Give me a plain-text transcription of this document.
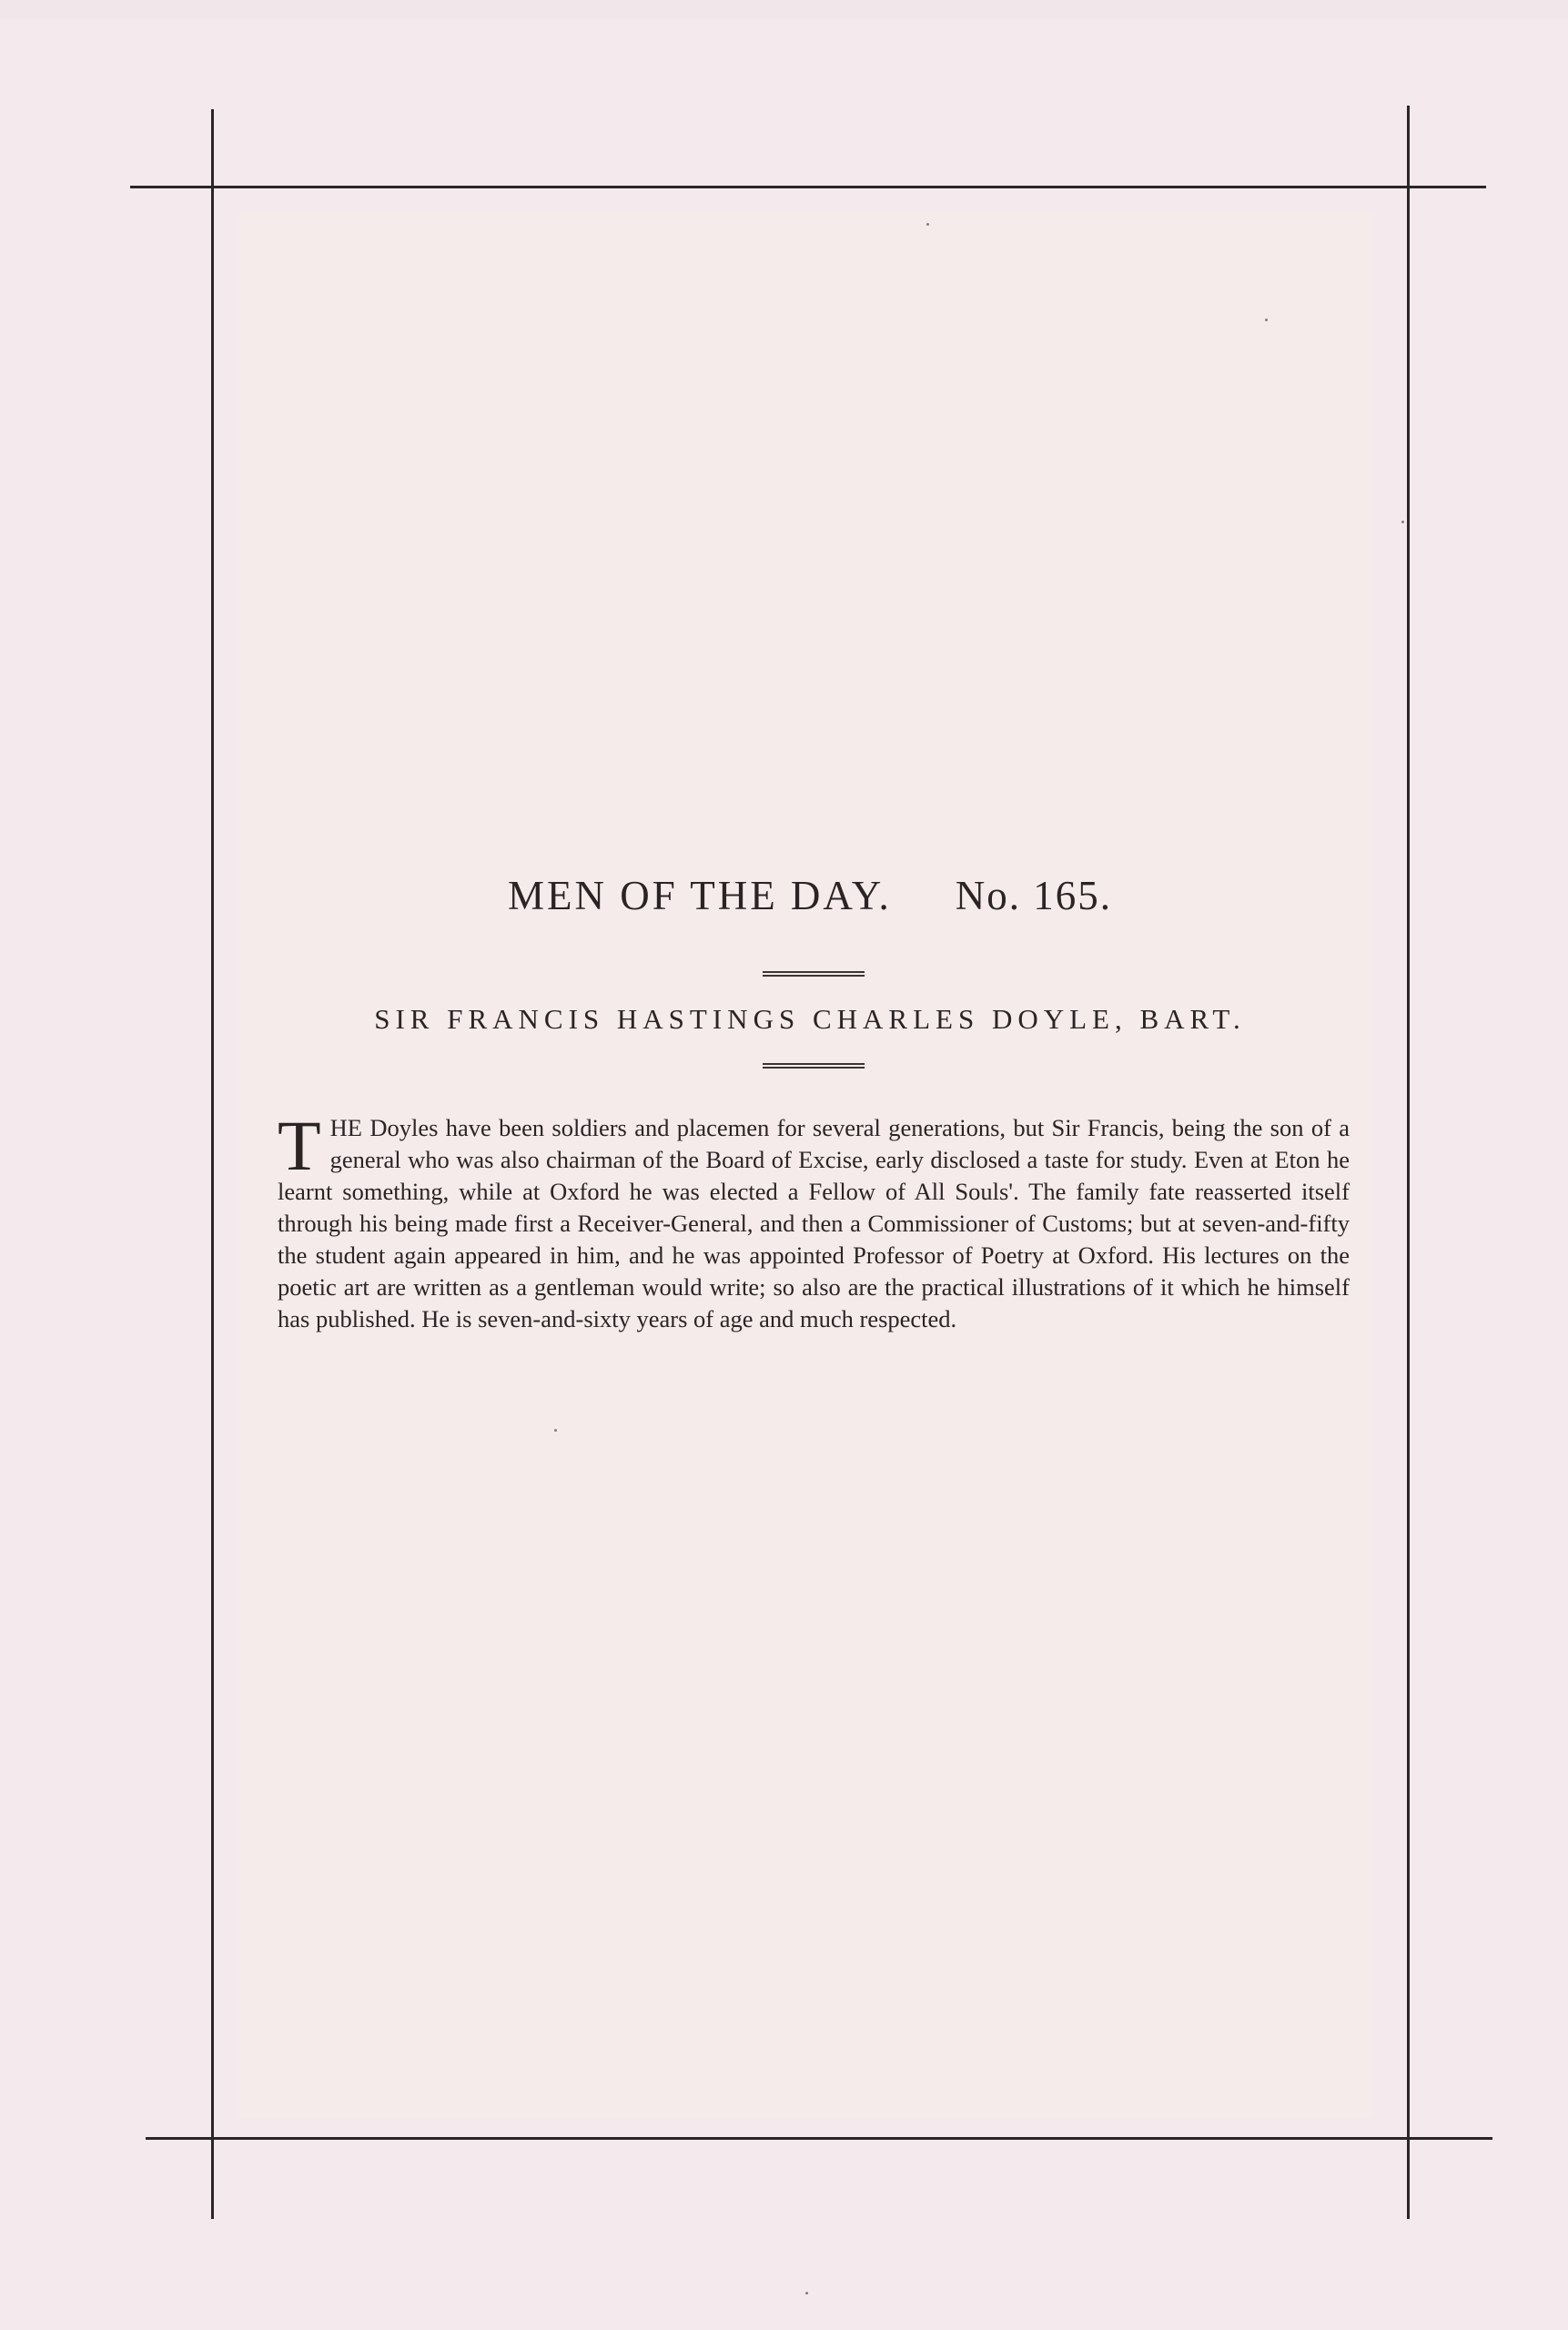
MEN OF THE DAY. No. 165.
SIR FRANCIS HASTINGS CHARLES DOYLE, BART.
THE Doyles have been soldiers and placemen for several generations, but Sir Francis, being the son of a general who was also chairman of the Board of Excise, early disclosed a taste for study. Even at Eton he learnt something, while at Oxford he was elected a Fellow of All Souls'. The family fate reasserted itself through his being made first a Receiver-General, and then a Commissioner of Customs; but at seven-and-fifty the student again appeared in him, and he was appointed Professor of Poetry at Oxford. His lectures on the poetic art are written as a gentleman would write; so also are the practical illustrations of it which he himself has published. He is seven-and-sixty years of age and much respected.
